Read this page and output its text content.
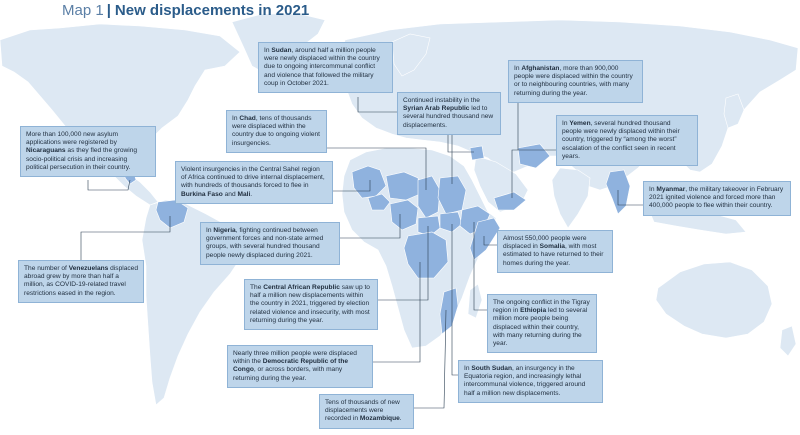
Map 1 | New displacements in 2021
In Sudan, around half a million people were newly displaced within the country due to ongoing intercommunal conflict and violence that followed the military coup in October 2021.
In Afghanistan, more than 900,000 people were displaced within the country or to neighbouring countries, with many returning during the year.
Continued instability in the Syrian Arab Republic led to several hundred thousand new displacements.
In Chad, tens of thousands were displaced within the country due to ongoing violent insurgencies.
In Yemen, several hundred thousand people were newly displaced within their country, triggered by “among the worst” escalation of the conflict seen in recent years.
More than 100,000 new asylum applications were registered by Nicaraguans as they fled the growing socio-political crisis and increasing political persecution in their country.	Violent insurgencies in the Central Sahel region of Africa continued to drive internal displacement, with hundreds of thousands forced to flee in Burkina Faso and Mali.
In Myanmar, the military takeover in February 2021 ignited violence and forced more than 400,000 people to flee within their country.
In Nigeria, fighting continued between government forces and non-state armed groups, with several hundred thousand people newly displaced during 2021.
Almost 550,000 people were displaced in Somalia, with most estimated to have returned to their homes during the year.
The number of Venezuelans displaced abroad grew by more than half a million, as COVID-19-related travel restrictions eased in the region.
The Central African Republic saw up to half a million new displacements within the country in 2021, triggered by election related violence and insecurity, with most returning during the year.
The ongoing conflict in the Tigray region in Ethiopia led to several million more people being displaced within their country, with many returning during the year.
Nearly three million people were displaced within the Democratic Republic of the Congo, or across borders, with many returning during the year.
In South Sudan, an insurgency in the Equatoria region, and increasingly lethal intercommunal violence, triggered around half a million new displacements.
Tens of thousands of new displacements were recorded in Mozambique.
